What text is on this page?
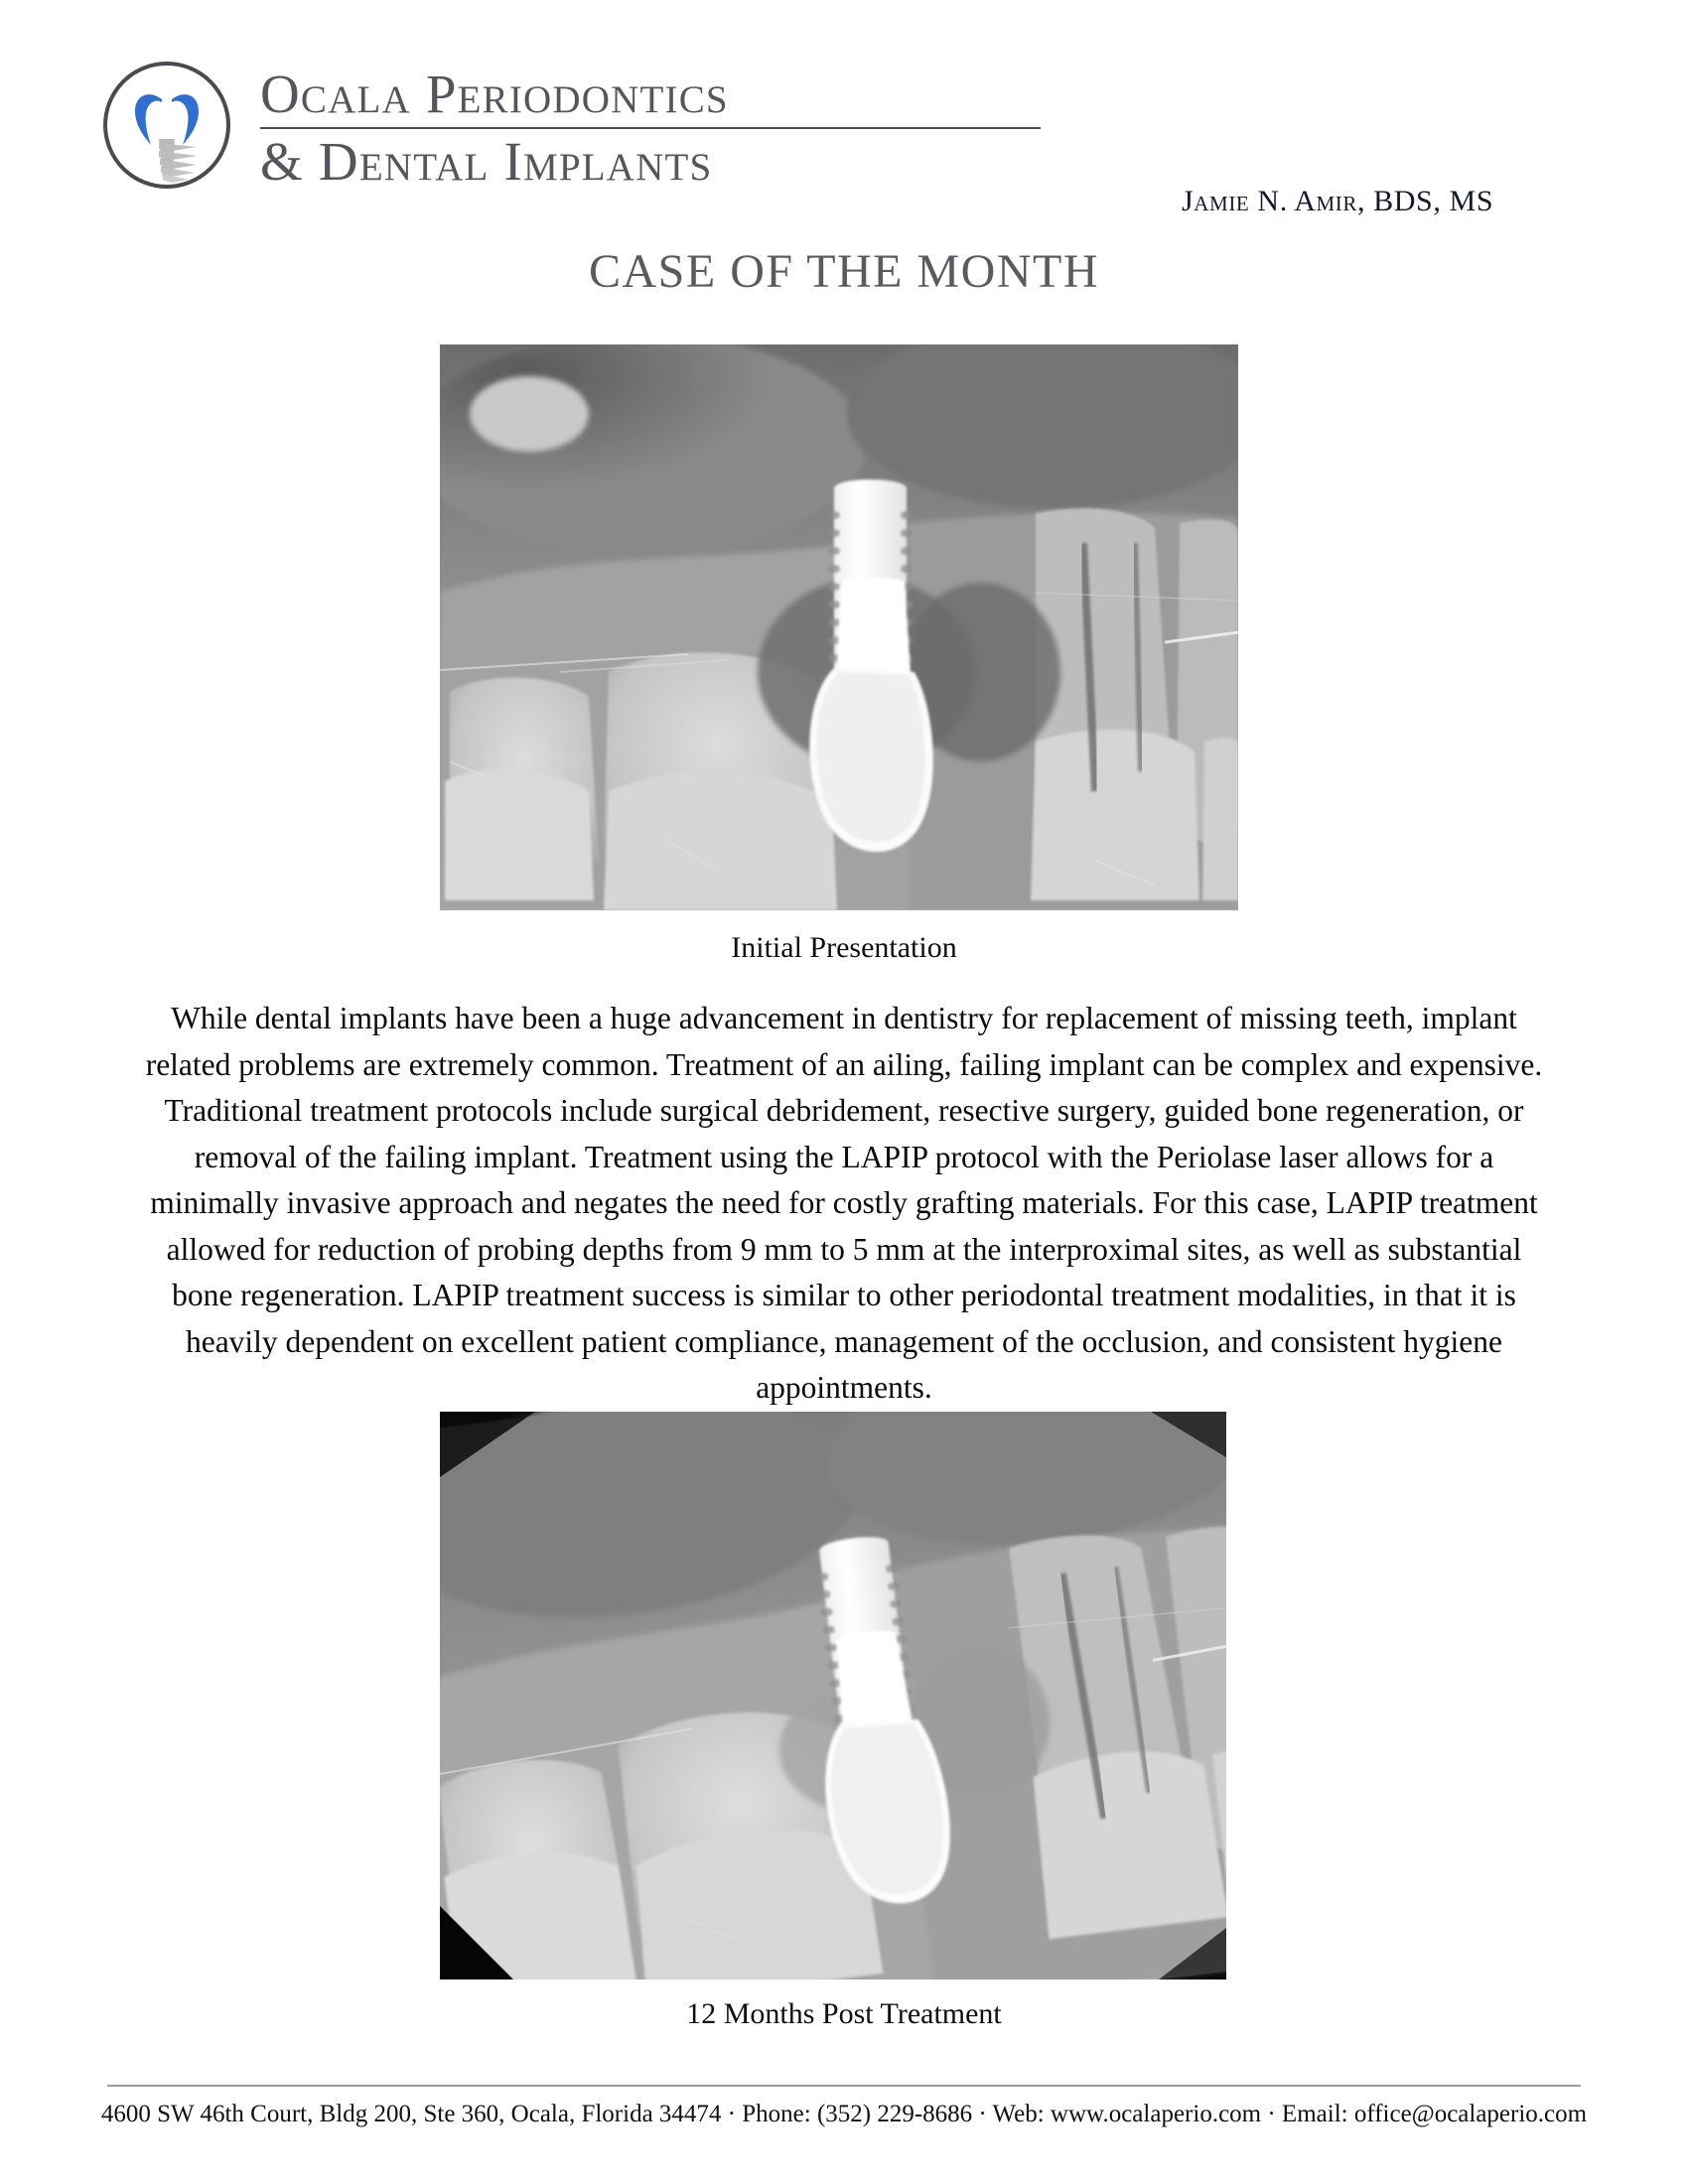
Ocala Periodontics
& Dental Implants
Jamie N. Amir, BDS, MS
CASE OF THE MONTH
Initial Presentation
While dental implants have been a huge advancement in dentistry for replacement of missing teeth, implant related problems are extremely common. Treatment of an ailing, failing implant can be complex and expensive. Traditional treatment protocols include surgical debridement, resective surgery, guided bone regeneration, or removal of the failing implant. Treatment using the LAPIP protocol with the Periolase laser allows for a minimally invasive approach and negates the need for costly grafting materials. For this case, LAPIP treatment allowed for reduction of probing depths from 9 mm to 5 mm at the interproximal sites, as well as substantial bone regeneration. LAPIP treatment success is similar to other periodontal treatment modalities, in that it is heavily dependent on excellent patient compliance, management of the occlusion, and consistent hygiene appointments.
12 Months Post Treatment
4600 SW 46th Court, Bldg 200, Ste 360, Ocala, Florida 34474 · Phone: (352) 229-8686 · Web: www.ocalaperio.com · Email: office@ocalaperio.com
